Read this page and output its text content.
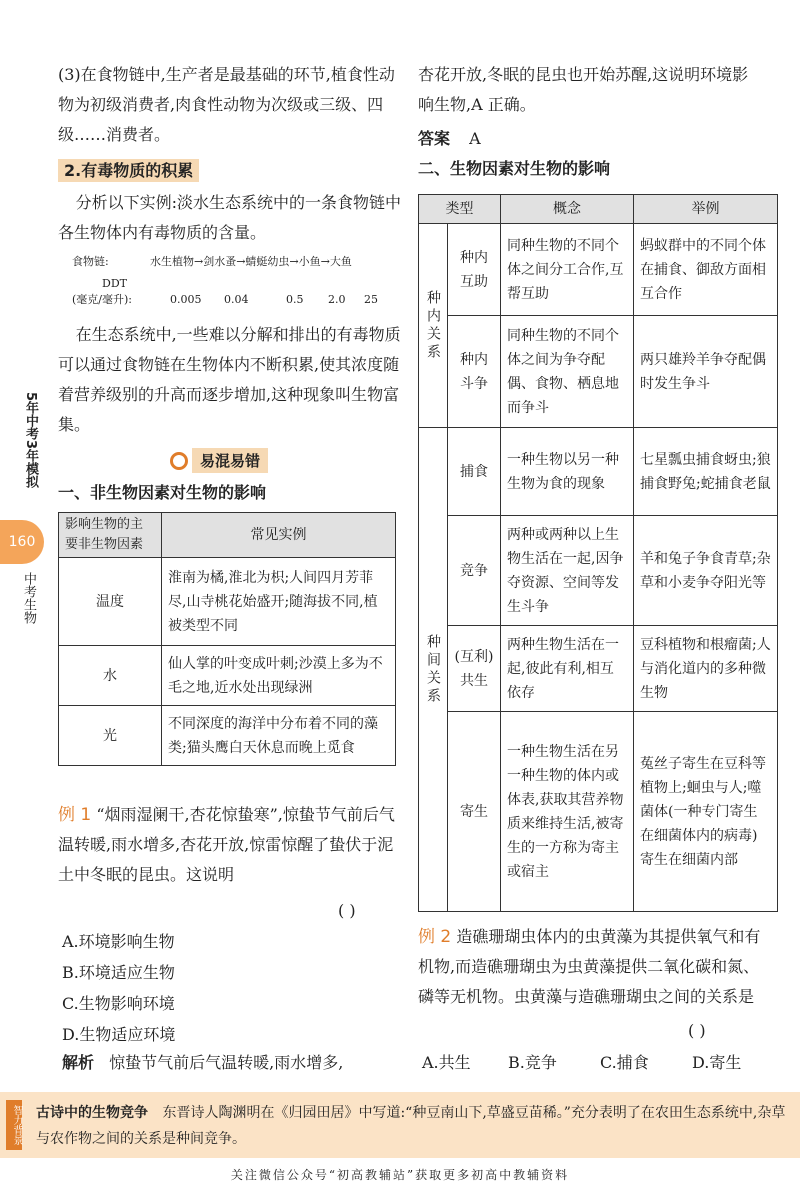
5年中考3年模拟
160
中考生物
(3)在食物链中,生产者是最基础的环节,植食性动物为初级消费者,肉食性动物为次级或三级、四级……消费者。
2.有毒物质的积累
分析以下实例:淡水生态系统中的一条食物链中各生物体内有毒物质的含量。
食物链:	水生植物→剑水蚤→蜻蜓幼虫→小鱼→大鱼
DDT
(毫克/毫升):	0.005	0.04	0.5	2.0	25
在生态系统中,一些难以分解和排出的有毒物质可以通过食物链在生物体内不断积累,使其浓度随着营养级别的升高而逐步增加,这种现象叫生物富集。
易混易错
一、非生物因素对生物的影响
影响生物的主要非生物因素	常见实例
温度	淮南为橘,淮北为枳;人间四月芳菲尽,山寺桃花始盛开;随海拔不同,植被类型不同
水	仙人掌的叶变成叶刺;沙漠上多为不毛之地,近水处出现绿洲
光	不同深度的海洋中分布着不同的藻类;猫头鹰白天休息而晚上觅食
例 1 “烟雨湿阑干,杏花惊蛰寒”,惊蛰节气前后气温转暖,雨水增多,杏花开放,惊雷惊醒了蛰伏于泥土中冬眠的昆虫。这说明
( )
A.环境影响生物
B.环境适应生物
C.生物影响环境
D.生物适应环境
解析 惊蛰节气前后气温转暖,雨水增多,
杏花开放,冬眠的昆虫也开始苏醒,这说明环境影响生物,A 正确。
答案 A
二、生物因素对生物的影响
类型		概念	举例
种内关系	种内互助	同种生物的不同个体之间分工合作,互帮互助	蚂蚁群中的不同个体在捕食、御敌方面相互合作
	种内斗争	同种生物的不同个体之间为争夺配偶、食物、栖息地而争斗	两只雄羚羊争夺配偶时发生争斗
种间关系	捕食	一种生物以另一种生物为食的现象	七星瓢虫捕食蚜虫;狼捕食野兔;蛇捕食老鼠
	竞争	两种或两种以上生物生活在一起,因争夺资源、空间等发生斗争	羊和兔子争食青草;杂草和小麦争夺阳光等
	(互利)共生	两种生物生活在一起,彼此有利,相互依存	豆科植物和根瘤菌;人与消化道内的多种微生物
	寄生	一种生物生活在另一种生物的体内或体表,获取其营养物质来维持生活,被寄生的一方称为寄主或宿主	菟丝子寄生在豆科等植物上;蛔虫与人;噬菌体(一种专门寄生在细菌体内的病毒)寄生在细菌内部
例 2 造礁珊瑚虫体内的虫黄藻为其提供氧气和有机物,而造礁珊瑚虫为虫黄藻提供二氧化碳和氮、磷等无机物。虫黄藻与造礁珊瑚虫之间的关系是
( )
A.共生	B.竞争	C.捕食	D.寄生
智力背景 古诗中的生物竞争 东晋诗人陶渊明在《归园田居》中写道:“种豆南山下,草盛豆苗稀。”充分表明了在农田生态系统中,杂草与农作物之间的关系是种间竞争。
关注微信公众号“初高教辅站”获取更多初高中教辅资料
